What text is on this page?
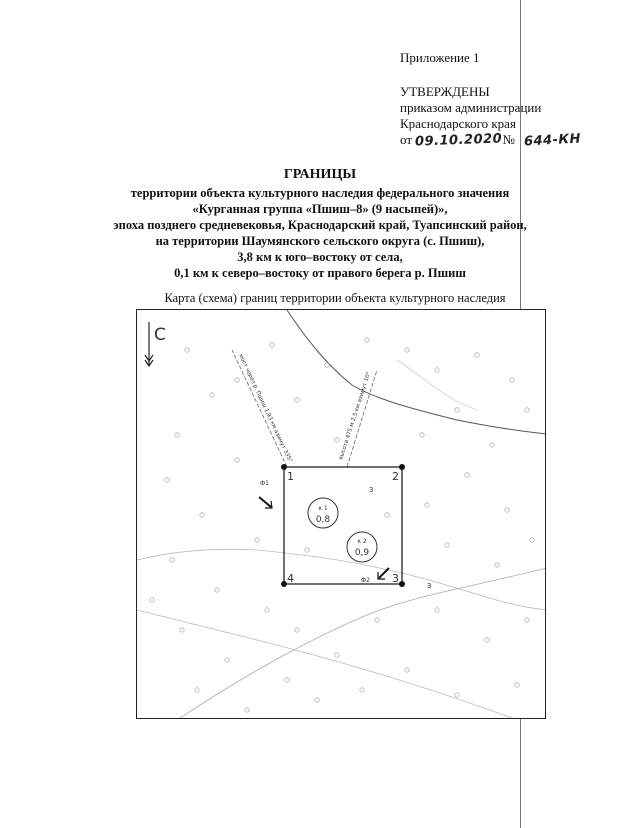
Приложение 1
УТВЕРЖДЕНЫ
приказом администрации
Краснодарского края
от 09.10.2020№ 644-КН
ГРАНИЦЫ
территории объекта культурного наследия федерального значения
«Курганная группа «Пшиш–8» (9 насыпей)»,
эпоха позднего средневековья, Краснодарский край, Туапсинский район,
на территории Шаумянского сельского округа (с. Пшиш),
3,8 км к юго–востоку от села,
0,1 км к северо–востоку от правого берега р. Пшиш
Карта (схема) границ территории объекта культурного наследия
мост через р. Пшиш 1,93 км азимут 335°	высота 475 м 2,5 км азимут 10°
С
1	2
3
4
к 1
0,8
к 2
0,9
Ф1
Ф2
3
3
